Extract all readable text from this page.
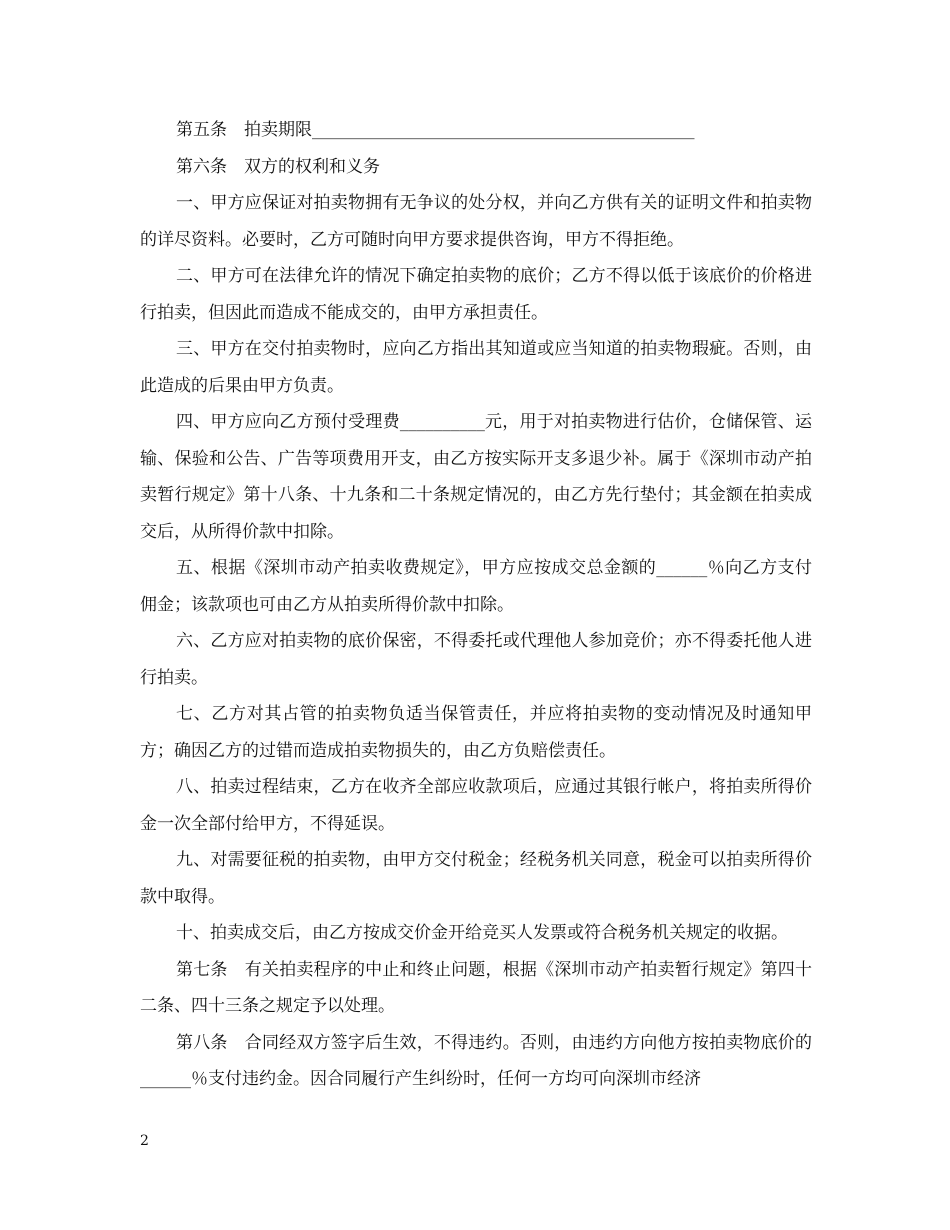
第五条　拍卖期限_____________________________________________

第六条　双方的权利和义务

一、甲方应保证对拍卖物拥有无争议的处分权，并向乙方供有关的证明文件和拍卖物的详尽资料。必要时，乙方可随时向甲方要求提供咨询，甲方不得拒绝。

二、甲方可在法律允许的情况下确定拍卖物的底价；乙方不得以低于该底价的价格进行拍卖，但因此而造成不能成交的，由甲方承担责任。

三、甲方在交付拍卖物时，应向乙方指出其知道或应当知道的拍卖物瑕疵。否则，由此造成的后果由甲方负责。

四、甲方应向乙方预付受理费__________元，用于对拍卖物进行估价，仓储保管、运输、保验和公告、广告等项费用开支，由乙方按实际开支多退少补。属于《深圳市动产拍卖暂行规定》第十八条、十九条和二十条规定情况的，由乙方先行垫付；其金额在拍卖成交后，从所得价款中扣除。

五、根据《深圳市动产拍卖收费规定》，甲方应按成交总金额的______％向乙方支付佣金；该款项也可由乙方从拍卖所得价款中扣除。

六、乙方应对拍卖物的底价保密，不得委托或代理他人参加竞价；亦不得委托他人进行拍卖。

七、乙方对其占管的拍卖物负适当保管责任，并应将拍卖物的变动情况及时通知甲方；确因乙方的过错而造成拍卖物损失的，由乙方负赔偿责任。

八、拍卖过程结束，乙方在收齐全部应收款项后，应通过其银行帐户，将拍卖所得价金一次全部付给甲方，不得延误。

九、对需要征税的拍卖物，由甲方交付税金；经税务机关同意，税金可以拍卖所得价款中取得。

十、拍卖成交后，由乙方按成交价金开给竞买人发票或符合税务机关规定的收据。

第七条　有关拍卖程序的中止和终止问题，根据《深圳市动产拍卖暂行规定》第四十二条、四十三条之规定予以处理。

第八条　合同经双方签字后生效，不得违约。否则，由违约方向他方按拍卖物底价的______％支付违约金。因合同履行产生纠纷时，任何一方均可向深圳市经济

2
